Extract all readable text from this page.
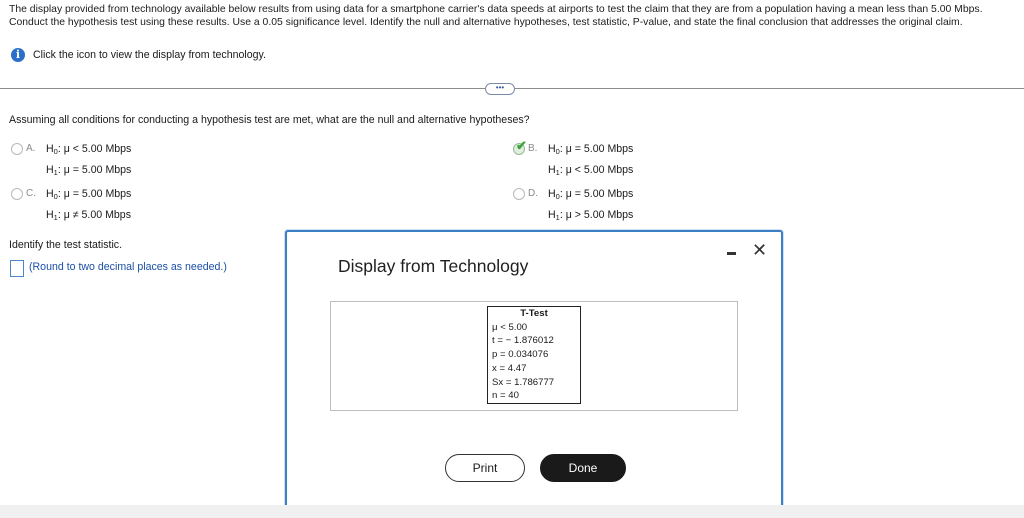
The display provided from technology available below results from using data for a smartphone carrier's data speeds at airports to test the claim that they are from a population having a mean less than 5.00 Mbps. Conduct the hypothesis test using these results. Use a 0.05 significance level. Identify the null and alternative hypotheses, test statistic, P-value, and state the final conclusion that addresses the original claim.
i	Click the icon to view the display from technology.
•••
Assuming all conditions for conducting a hypothesis test are met, what are the null and alternative hypotheses?
A. $H_0$: μ < 5.00 Mbps
$H_1$: μ = 5.00 Mbps
✔ B. $H_0$: μ = 5.00 Mbps
$H_1$: μ < 5.00 Mbps
C. $H_0$: μ = 5.00 Mbps
$H_1$: μ ≠ 5.00 Mbps
D. $H_0$: μ = 5.00 Mbps
$H_1$: μ > 5.00 Mbps
Identify the test statistic.
(Round to two decimal places as needed.)	Display from Technology
✕
T-Test
μ < 5.00
t = − 1.876012
p = 0.034076
x = 4.47
Sx = 1.786777
n = 40
Print	Done
